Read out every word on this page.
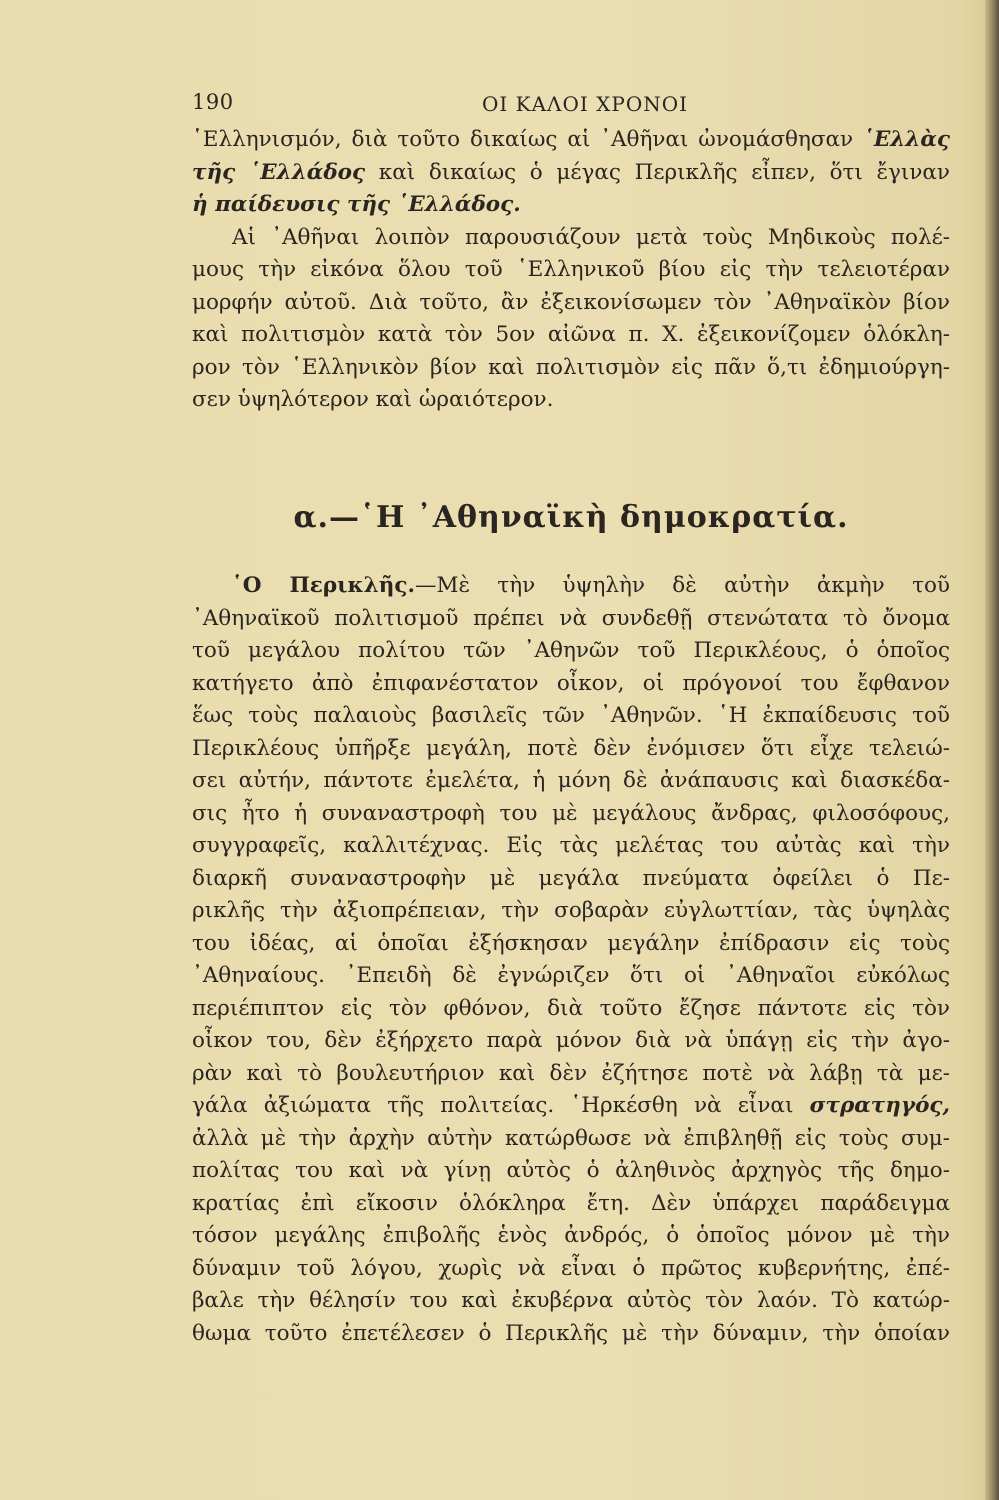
190	ΟΙ ΚΑΛΟΙ ΧΡΟΝΟΙ
῾Ελληνισμόν, διὰ τοῦτο δικαίως αἱ ᾿Αθῆναι ὠνομάσθησαν ῾Ελλὰς
τῆς ῾Ελλάδος καὶ δικαίως ὁ μέγας Περικλῆς εἶπεν, ὅτι ἔγιναν
ἡ παίδευσις τῆς ῾Ελλάδος.
Αἱ ᾿Αθῆναι λοιπὸν παρουσιάζουν μετὰ τοὺς Μηδικοὺς πολέ-
μους τὴν εἰκόνα ὅλου τοῦ ῾Ελληνικοῦ βίου εἰς τὴν τελειοτέραν
μορφήν αὐτοῦ. Διὰ τοῦτο, ἂν ἐξεικονίσωμεν τὸν ᾿Αθηναϊκὸν βίον
καὶ πολιτισμὸν κατὰ τὸν 5ον αἰῶνα π. Χ. ἐξεικονίζομεν ὁλόκλη-
ρον τὸν ῾Ελληνικὸν βίον καὶ πολιτισμὸν εἰς πᾶν ὅ,τι ἐδημιούργη-
σεν ὑψηλότερον καὶ ὡραιότερον.
α.—῾Η ᾿Αθηναϊκὴ δημοκρατία.
῾Ο Περικλῆς.—Μὲ τὴν ὑψηλὴν δὲ αὐτὴν ἀκμὴν τοῦ
᾿Αθηναϊκοῦ πολιτισμοῦ πρέπει νὰ συνδεθῇ στενώτατα τὸ ὄνομα
τοῦ μεγάλου πολίτου τῶν ᾿Αθηνῶν τοῦ Περικλέους, ὁ ὁποῖος
κατήγετο ἀπὸ ἐπιφανέστατον οἶκον, οἱ πρόγονοί του ἔφθανον
ἕως τοὺς παλαιοὺς βασιλεῖς τῶν ᾿Αθηνῶν. ῾Η ἐκπαίδευσις τοῦ
Περικλέους ὑπῆρξε μεγάλη, ποτὲ δὲν ἐνόμισεν ὅτι εἶχε τελειώ-
σει αὐτήν, πάντοτε ἐμελέτα, ἡ μόνη δὲ ἀνάπαυσις καὶ διασκέδα-
σις ἦτο ἡ συναναστροφὴ του μὲ μεγάλους ἄνδρας, φιλοσόφους,
συγγραφεῖς, καλλιτέχνας. Εἰς τὰς μελέτας του αὐτὰς καὶ τὴν
διαρκῆ συναναστροφὴν μὲ μεγάλα πνεύματα ὀφείλει ὁ Πε-
ρικλῆς τὴν ἀξιοπρέπειαν, τὴν σοβαρὰν εὐγλωττίαν, τὰς ὑψηλὰς
του ἰδέας, αἱ ὁποῖαι ἐξήσκησαν μεγάλην ἐπίδρασιν εἰς τοὺς
᾿Αθηναίους. ᾿Επειδὴ δὲ ἐγνώριζεν ὅτι οἱ ᾿Αθηναῖοι εὐκόλως
περιέπιπτον εἰς τὸν φθόνον, διὰ τοῦτο ἔζησε πάντοτε εἰς τὸν
οἶκον του, δὲν ἐξήρχετο παρὰ μόνον διὰ νὰ ὑπάγῃ εἰς τὴν ἀγο-
ρὰν καὶ τὸ βουλευτήριον καὶ δὲν ἐζήτησε ποτὲ νὰ λάβῃ τὰ με-
γάλα ἀξιώματα τῆς πολιτείας. ῾Ηρκέσθη νὰ εἶναι στρατηγός,
ἀλλὰ μὲ τὴν ἀρχὴν αὐτὴν κατώρθωσε νὰ ἐπιβληθῇ εἰς τοὺς συμ-
πολίτας του καὶ νὰ γίνῃ αὐτὸς ὁ ἀληθινὸς ἀρχηγὸς τῆς δημο-
κρατίας ἐπὶ εἴκοσιν ὁλόκληρα ἔτη. Δὲν ὑπάρχει παράδειγμα
τόσον μεγάλης ἐπιβολῆς ἑνὸς ἀνδρός, ὁ ὁποῖος μόνον μὲ τὴν
δύναμιν τοῦ λόγου, χωρὶς νὰ εἶναι ὁ πρῶτος κυβερνήτης, ἐπέ-
βαλε τὴν θέλησίν του καὶ ἐκυβέρνα αὐτὸς τὸν λαόν. Τὸ κατώρ-
θωμα τοῦτο ἐπετέλεσεν ὁ Περικλῆς μὲ τὴν δύναμιν, τὴν ὁποίαν
